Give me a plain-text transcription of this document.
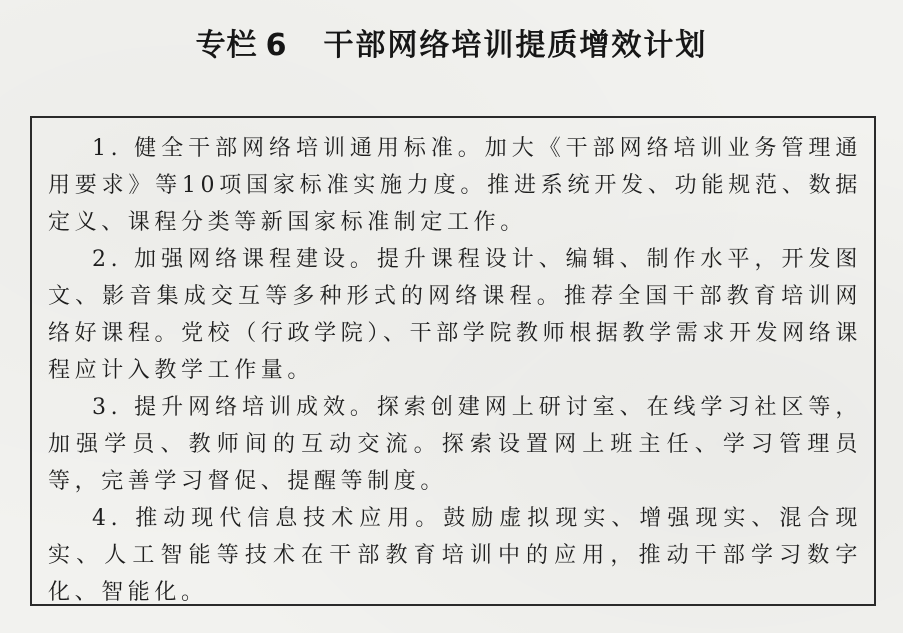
专栏 6 干部网络培训提质增效计划

1. 健全干部网络培训通用标准。加大《干部网络培训业务管理通用要求》等10项国家标准实施力度。推进系统开发、功能规范、数据定义、课程分类等新国家标准制定工作。

2. 加强网络课程建设。提升课程设计、编辑、制作水平，开发图文、影音集成交互等多种形式的网络课程。推荐全国干部教育培训网络好课程。党校（行政学院）、干部学院教师根据教学需求开发网络课程应计入教学工作量。

3. 提升网络培训成效。探索创建网上研讨室、在线学习社区等，加强学员、教师间的互动交流。探索设置网上班主任、学习管理员等，完善学习督促、提醒等制度。

4. 推动现代信息技术应用。鼓励虚拟现实、增强现实、混合现实、人工智能等技术在干部教育培训中的应用，推动干部学习数字化、智能化。
